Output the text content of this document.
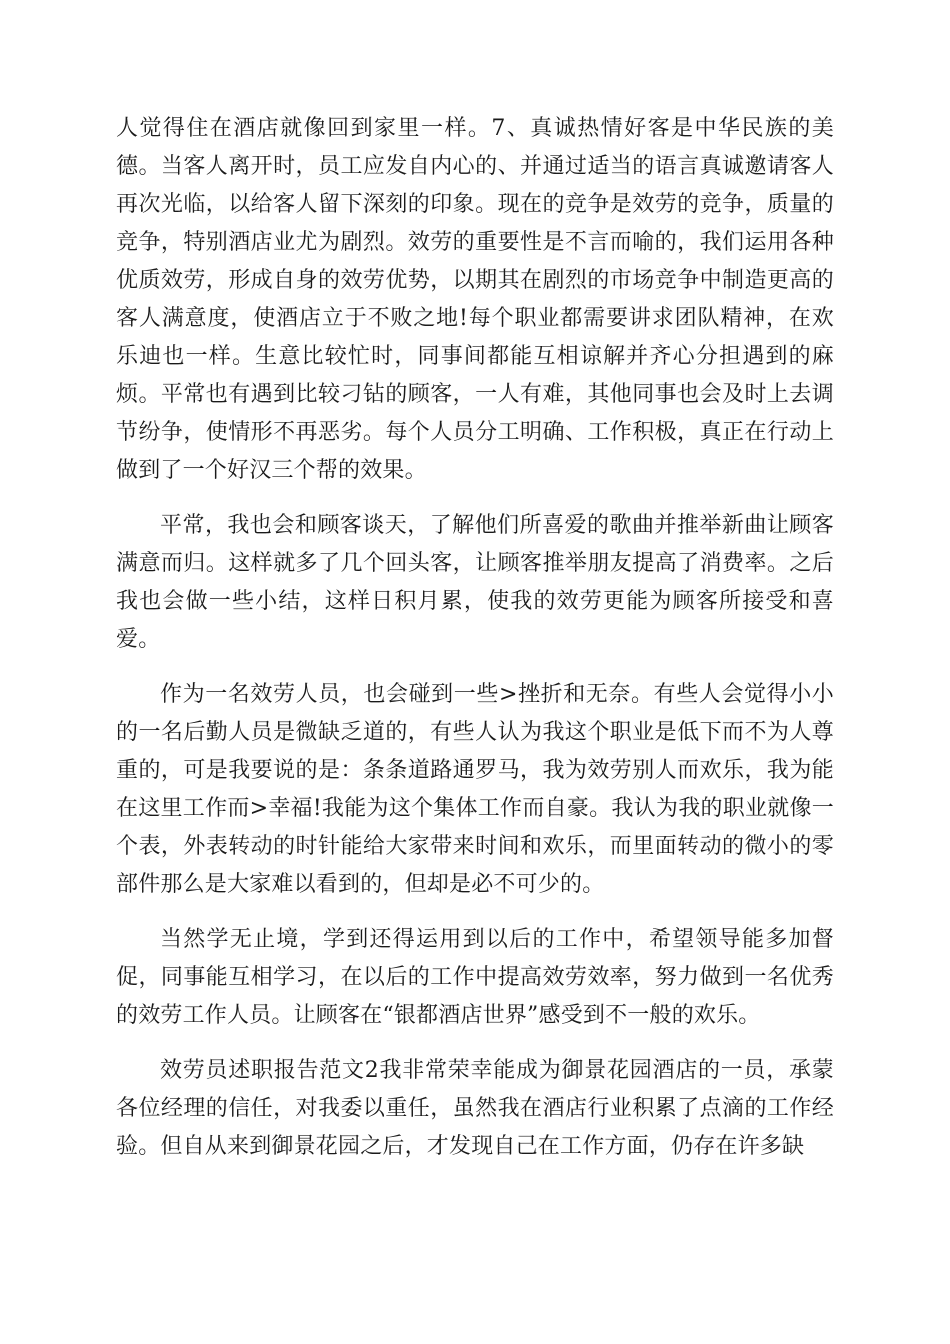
人觉得住在酒店就像回到家里一样。7、真诚热情好客是中华民族的美德。当客人离开时，员工应发自内心的、并通过适当的语言真诚邀请客人再次光临，以给客人留下深刻的印象。现在的竞争是效劳的竞争，质量的竞争，特别酒店业尤为剧烈。效劳的重要性是不言而喻的，我们运用各种优质效劳，形成自身的效劳优势，以期其在剧烈的市场竞争中制造更高的客人满意度，使酒店立于不败之地!每个职业都需要讲求团队精神，在欢乐迪也一样。生意比较忙时，同事间都能互相谅解并齐心分担遇到的麻烦。平常也有遇到比较刁钻的顾客，一人有难，其他同事也会及时上去调节纷争，使情形不再恶劣。每个人员分工明确、工作积极，真正在行动上做到了一个好汉三个帮的效果。

平常，我也会和顾客谈天，了解他们所喜爱的歌曲并推举新曲让顾客满意而归。这样就多了几个回头客，让顾客推举朋友提高了消费率。之后我也会做一些小结，这样日积月累，使我的效劳更能为顾客所接受和喜爱。

作为一名效劳人员，也会碰到一些>挫折和无奈。有些人会觉得小小的一名后勤人员是微缺乏道的，有些人认为我这个职业是低下而不为人尊重的，可是我要说的是：条条道路通罗马，我为效劳别人而欢乐，我为能在这里工作而>幸福!我能为这个集体工作而自豪。我认为我的职业就像一个表，外表转动的时针能给大家带来时间和欢乐，而里面转动的微小的零部件那么是大家难以看到的，但却是必不可少的。

当然学无止境，学到还得运用到以后的工作中，希望领导能多加督促，同事能互相学习，在以后的工作中提高效劳效率，努力做到一名优秀的效劳工作人员。让顾客在“银都酒店世界”感受到不一般的欢乐。

效劳员述职报告范文2我非常荣幸能成为御景花园酒店的一员，承蒙各位经理的信任，对我委以重任，虽然我在酒店行业积累了点滴的工作经验。但自从来到御景花园之后，才发现自己在工作方面，仍存在许多缺
